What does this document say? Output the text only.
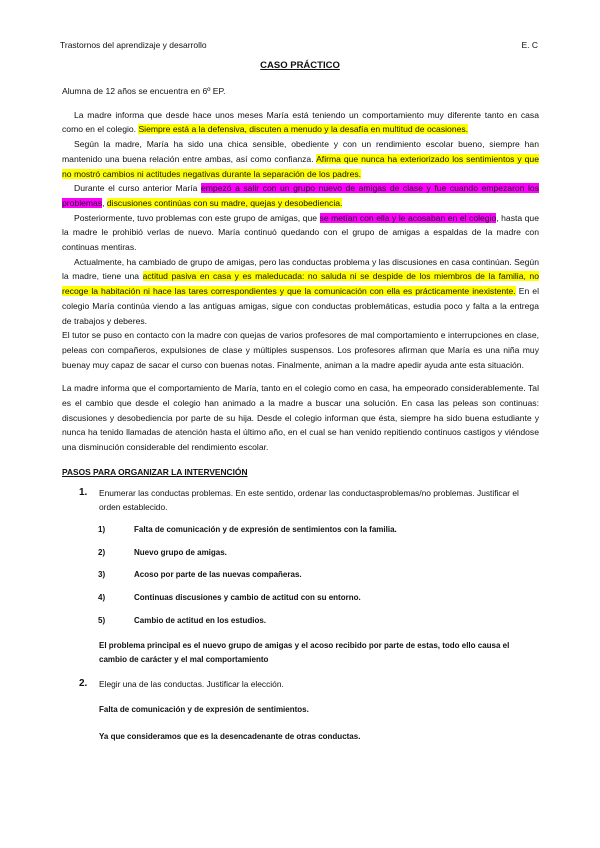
Trastornos del aprendizaje y desarrollo	E. C
CASO PRÁCTICO

Alumna de 12 años se encuentra en 6º EP.

La madre informa que desde hace unos meses María está teniendo un comportamiento muy diferente tanto en casa como en el colegio. Siempre está a la defensiva, discuten a menudo y la desafía en multitud de ocasiones.

Según la madre, María ha sido una chica sensible, obediente y con un rendimiento escolar bueno, siempre han mantenido una buena relación entre ambas, así como confianza. Afirma que nunca ha exteriorizado los sentimientos y que no mostró cambios ni actitudes negativas durante la separación de los padres.

Durante el curso anterior María empezó a salir con un grupo nuevo de amigas de clase y fue cuando empezaron los problemas, discusiones continúas con su madre, quejas y desobediencia.

Posteriormente, tuvo problemas con este grupo de amigas, que se metían con ella y le acosaban en el colegio, hasta que la madre le prohibió verlas de nuevo. María continuó quedando con el grupo de amigas a espaldas de la madre con continuas mentiras.

Actualmente, ha cambiado de grupo de amigas, pero las conductas problema y las discusiones en casa continúan. Según la madre, tiene una actitud pasiva en casa y es maleducada: no saluda ni se despide de los miembros de la familia, no recoge la habitación ni hace las tares correspondientes y que la comunicación con ella es prácticamente inexistente. En el colegio María continúa viendo a las antiguas amigas, sigue con conductas problemáticas, estudia poco y falta a la entrega de trabajos y deberes.

El tutor se puso en contacto con la madre con quejas de varios profesores de mal comportamiento e interrupciones en clase, peleas con compañeros, expulsiones de clase y múltiples suspensos. Los profesores afirman que María es una niña muy buenay muy capaz de sacar el curso con buenas notas. Finalmente, animan a la madre apedir ayuda ante esta situación.

La madre informa que el comportamiento de María, tanto en el colegio como en casa, ha empeorado considerablemente. Tal es el cambio que desde el colegio han animado a la madre a buscar una solución. En casa las peleas son continuas: discusiones y desobediencia por parte de su hija. Desde el colegio informan que ésta, siempre ha sido buena estudiante y nunca ha tenido llamadas de atención hasta el último año, en el cual se han venido repitiendo continuos castigos y viéndose una disminución considerable del rendimiento escolar.

PASOS PARA ORGANIZAR LA INTERVENCIÓN

1.	Enumerar las conductas problemas. En este sentido, ordenar las conductasproblemas/no problemas. Justificar el orden establecido.
1)	Falta de comunicación y de expresión de sentimientos con la familia.
2)	Nuevo grupo de amigas.
3)	Acoso por parte de las nuevas compañeras.
4)	Continuas discusiones y cambio de actitud con su entorno.
5)	Cambio de actitud en los estudios.

El problema principal es el nuevo grupo de amigas y el acoso recibido por parte de estas, todo ello causa el cambio de carácter y el mal comportamiento

2.	Elegir una de las conductas. Justificar la elección.

Falta de comunicación y de expresión de sentimientos.

Ya que consideramos que es la desencadenante de otras conductas.
